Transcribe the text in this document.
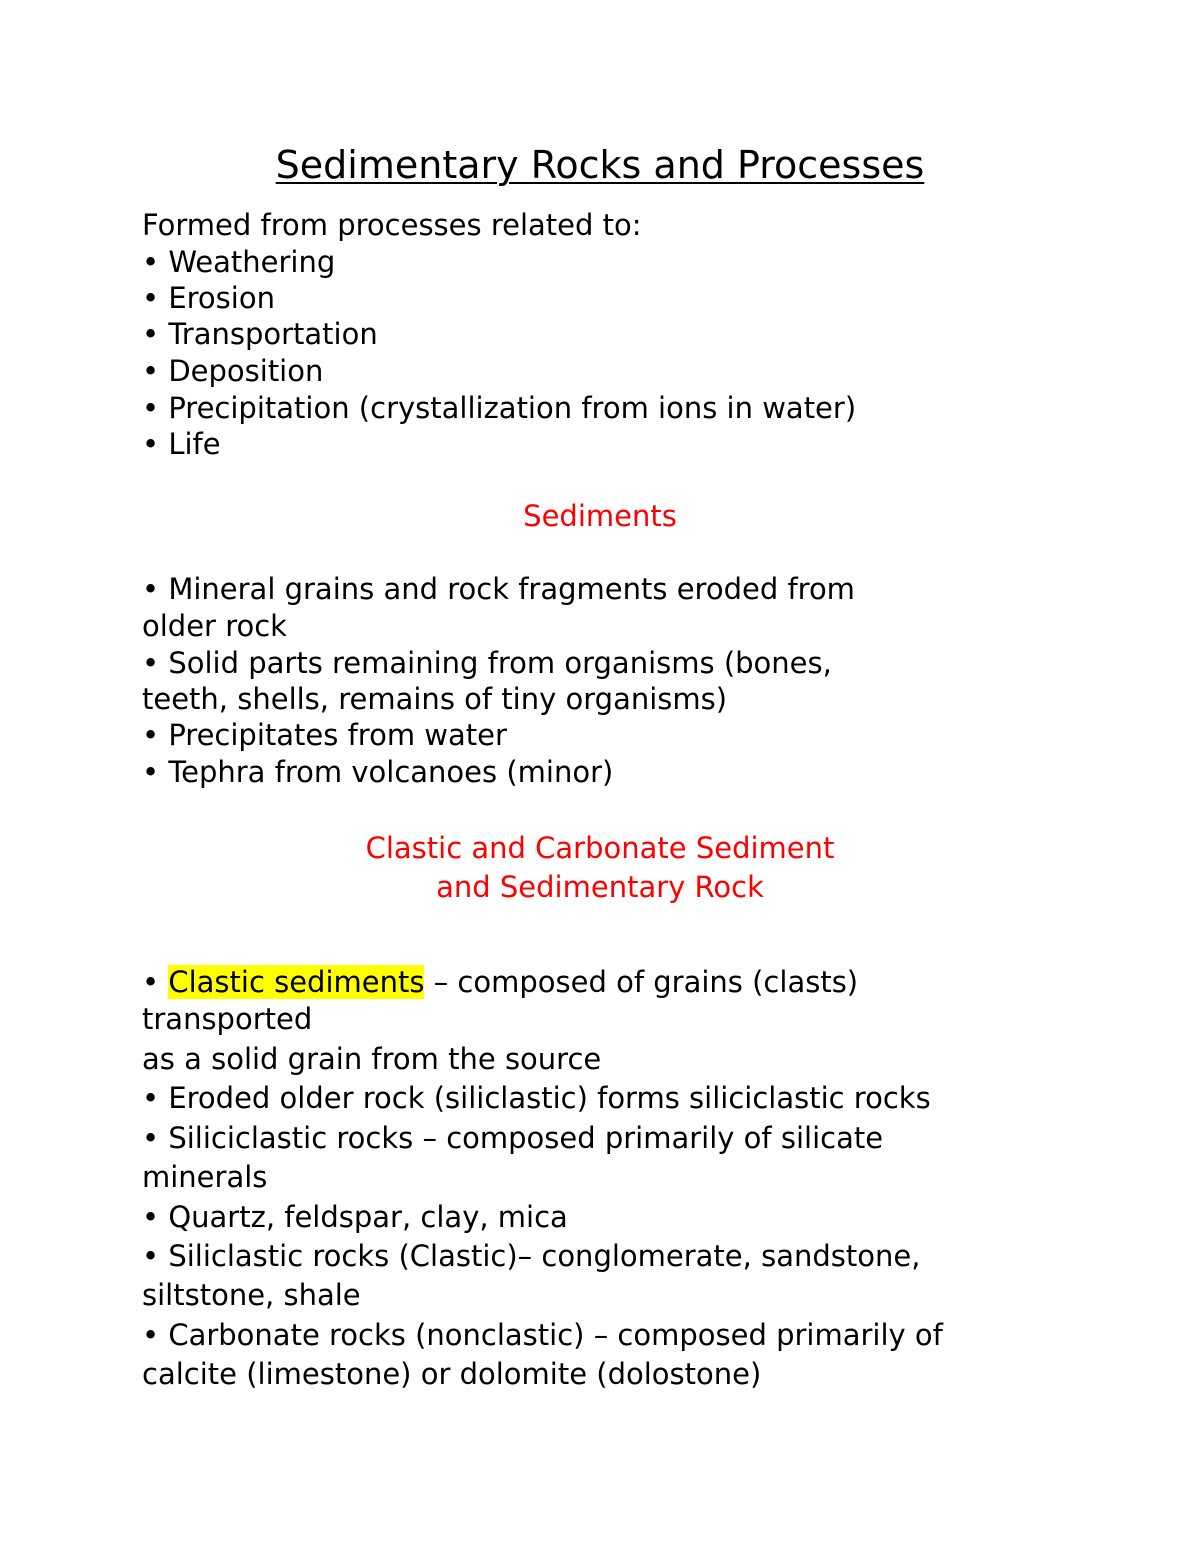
Sedimentary Rocks and Processes
Formed from processes related to:
• Weathering
• Erosion
• Transportation
• Deposition
• Precipitation (crystallization from ions in water)
• Life
Sediments
• Mineral grains and rock fragments eroded from
older rock
• Solid parts remaining from organisms (bones,
teeth, shells, remains of tiny organisms)
• Precipitates from water
• Tephra from volcanoes (minor)
Clastic and Carbonate Sediment
and Sedimentary Rock
• Clastic sediments – composed of grains (clasts)
transported
as a solid grain from the source
• Eroded older rock (siliclastic) forms siliciclastic rocks
• Siliciclastic rocks – composed primarily of silicate
minerals
• Quartz, feldspar, clay, mica
• Siliclastic rocks (Clastic)– conglomerate, sandstone,
siltstone, shale
• Carbonate rocks (nonclastic) – composed primarily of
calcite (limestone) or dolomite (dolostone)
